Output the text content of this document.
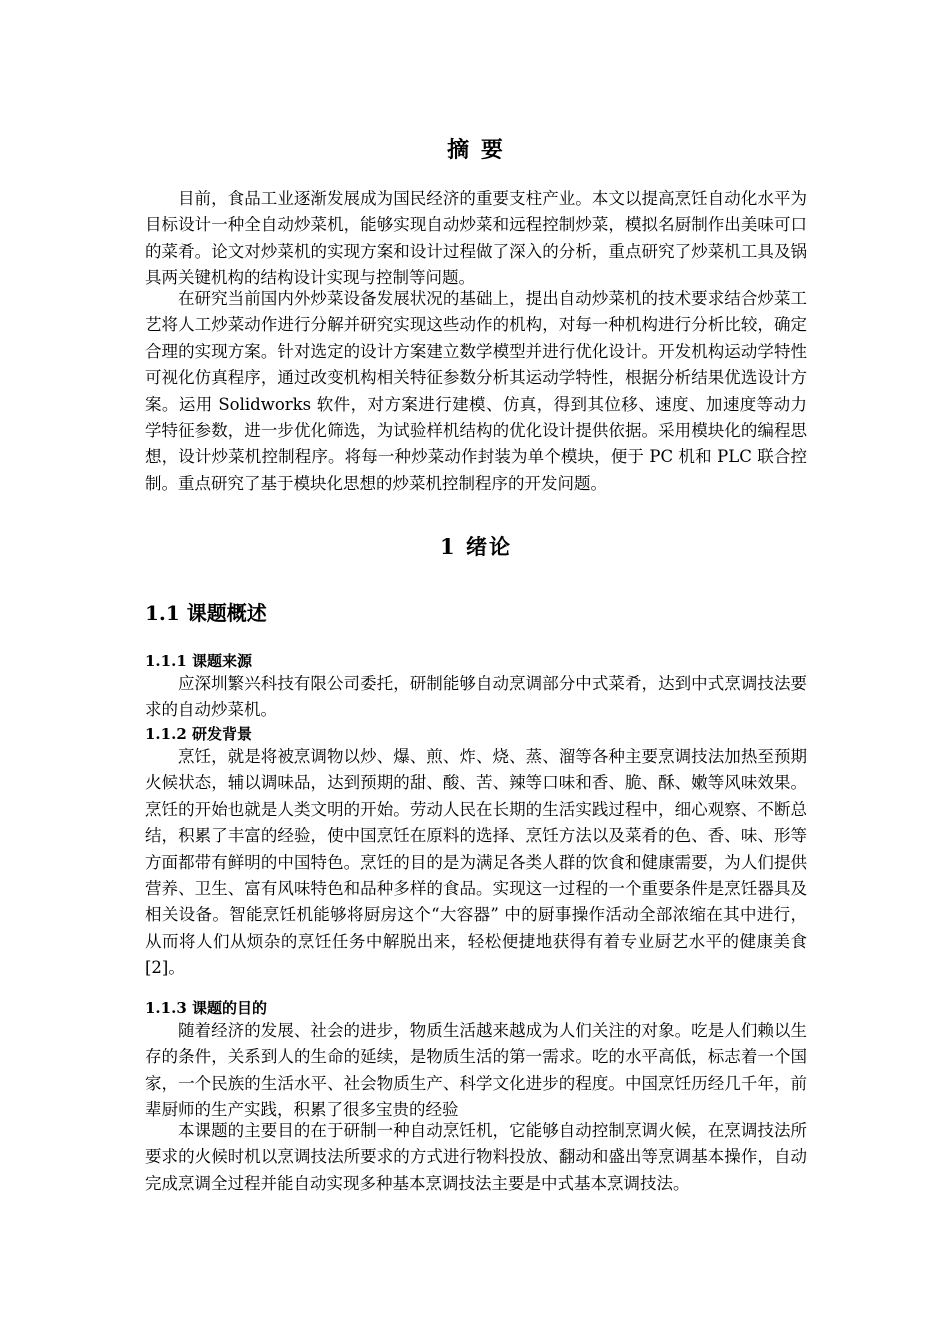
摘 要

目前，食品工业逐渐发展成为国民经济的重要支柱产业。本文以提高烹饪自动化水平为目标设计一种全自动炒菜机，能够实现自动炒菜和远程控制炒菜，模拟名厨制作出美味可口的菜肴。论文对炒菜机的实现方案和设计过程做了深入的分析，重点研究了炒菜机工具及锅具两关键机构的结构设计实现与控制等问题。

在研究当前国内外炒菜设备发展状况的基础上，提出自动炒菜机的技术要求结合炒菜工艺将人工炒菜动作进行分解并研究实现这些动作的机构，对每一种机构进行分析比较，确定合理的实现方案。针对选定的设计方案建立数学模型并进行优化设计。开发机构运动学特性可视化仿真程序，通过改变机构相关特征参数分析其运动学特性，根据分析结果优选设计方案。运用 Solidworks 软件，对方案进行建模、仿真，得到其位移、速度、加速度等动力学特征参数，进一步优化筛选，为试验样机结构的优化设计提供依据。采用模块化的编程思想，设计炒菜机控制程序。将每一种炒菜动作封装为单个模块，便于 PC 机和 PLC 联合控制。重点研究了基于模块化思想的炒菜机控制程序的开发问题。

1 绪论
1.1 课题概述
1.1.1 课题来源

应深圳繁兴科技有限公司委托，研制能够自动烹调部分中式菜肴，达到中式烹调技法要求的自动炒菜机。

1.1.2 研发背景

烹饪，就是将被烹调物以炒、爆、煎、炸、烧、蒸、溜等各种主要烹调技法加热至预期火候状态，辅以调味品，达到预期的甜、酸、苦、辣等口味和香、脆、酥、嫩等风味效果。烹饪的开始也就是人类文明的开始。劳动人民在长期的生活实践过程中，细心观察、不断总结，积累了丰富的经验，使中国烹饪在原料的选择、烹饪方法以及菜肴的色、香、味、形等方面都带有鲜明的中国特色。烹饪的目的是为满足各类人群的饮食和健康需要，为人们提供营养、卫生、富有风味特色和品种多样的食品。实现这一过程的一个重要条件是烹饪器具及相关设备。智能烹饪机能够将厨房这个“大容器” 中的厨事操作活动全部浓缩在其中进行，从而将人们从烦杂的烹饪任务中解脱出来，轻松便捷地获得有着专业厨艺水平的健康美食[2]。

1.1.3 课题的目的

随着经济的发展、社会的进步，物质生活越来越成为人们关注的对象。吃是人们赖以生存的条件，关系到人的生命的延续，是物质生活的第一需求。吃的水平高低，标志着一个国家，一个民族的生活水平、社会物质生产、科学文化进步的程度。中国烹饪历经几千年，前辈厨师的生产实践，积累了很多宝贵的经验

本课题的主要目的在于研制一种自动烹饪机，它能够自动控制烹调火候，在烹调技法所要求的火候时机以烹调技法所要求的方式进行物料投放、翻动和盛出等烹调基本操作，自动完成烹调全过程并能自动实现多种基本烹调技法主要是中式基本烹调技法。
